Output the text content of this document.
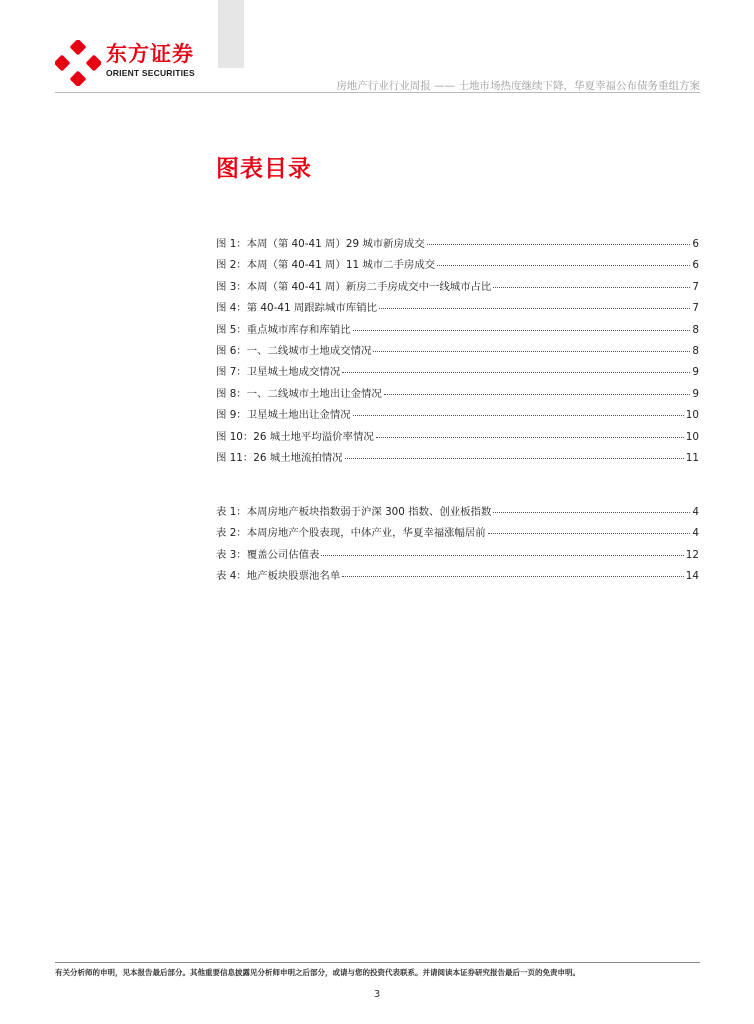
东方证券
ORIENT SECURITIES
房地产行业行业周报 —— 土地市场热度继续下降，华夏幸福公布债务重组方案
图表目录
图 1：本周（第 40-41 周）29 城市新房成交	6
图 2：本周（第 40-41 周）11 城市二手房成交	6
图 3：本周（第 40-41 周）新房二手房成交中一线城市占比	7
图 4：第 40-41 周跟踪城市库销比	7
图 5：重点城市库存和库销比	8
图 6：一、二线城市土地成交情况	8
图 7：卫星城土地成交情况	9
图 8：一、二线城市土地出让金情况	9
图 9：卫星城土地出让金情况	10
图 10：26 城土地平均溢价率情况	10
图 11：26 城土地流拍情况	11
表 1：本周房地产板块指数弱于沪深 300 指数、创业板指数	4
表 2：本周房地产个股表现，中体产业，华夏幸福涨幅居前	4
表 3：覆盖公司估值表	12
表 4：地产板块股票池名单	14
有关分析师的申明，见本报告最后部分。其他重要信息披露见分析师申明之后部分，或请与您的投资代表联系。并请阅读本证券研究报告最后一页的免责申明。
3
